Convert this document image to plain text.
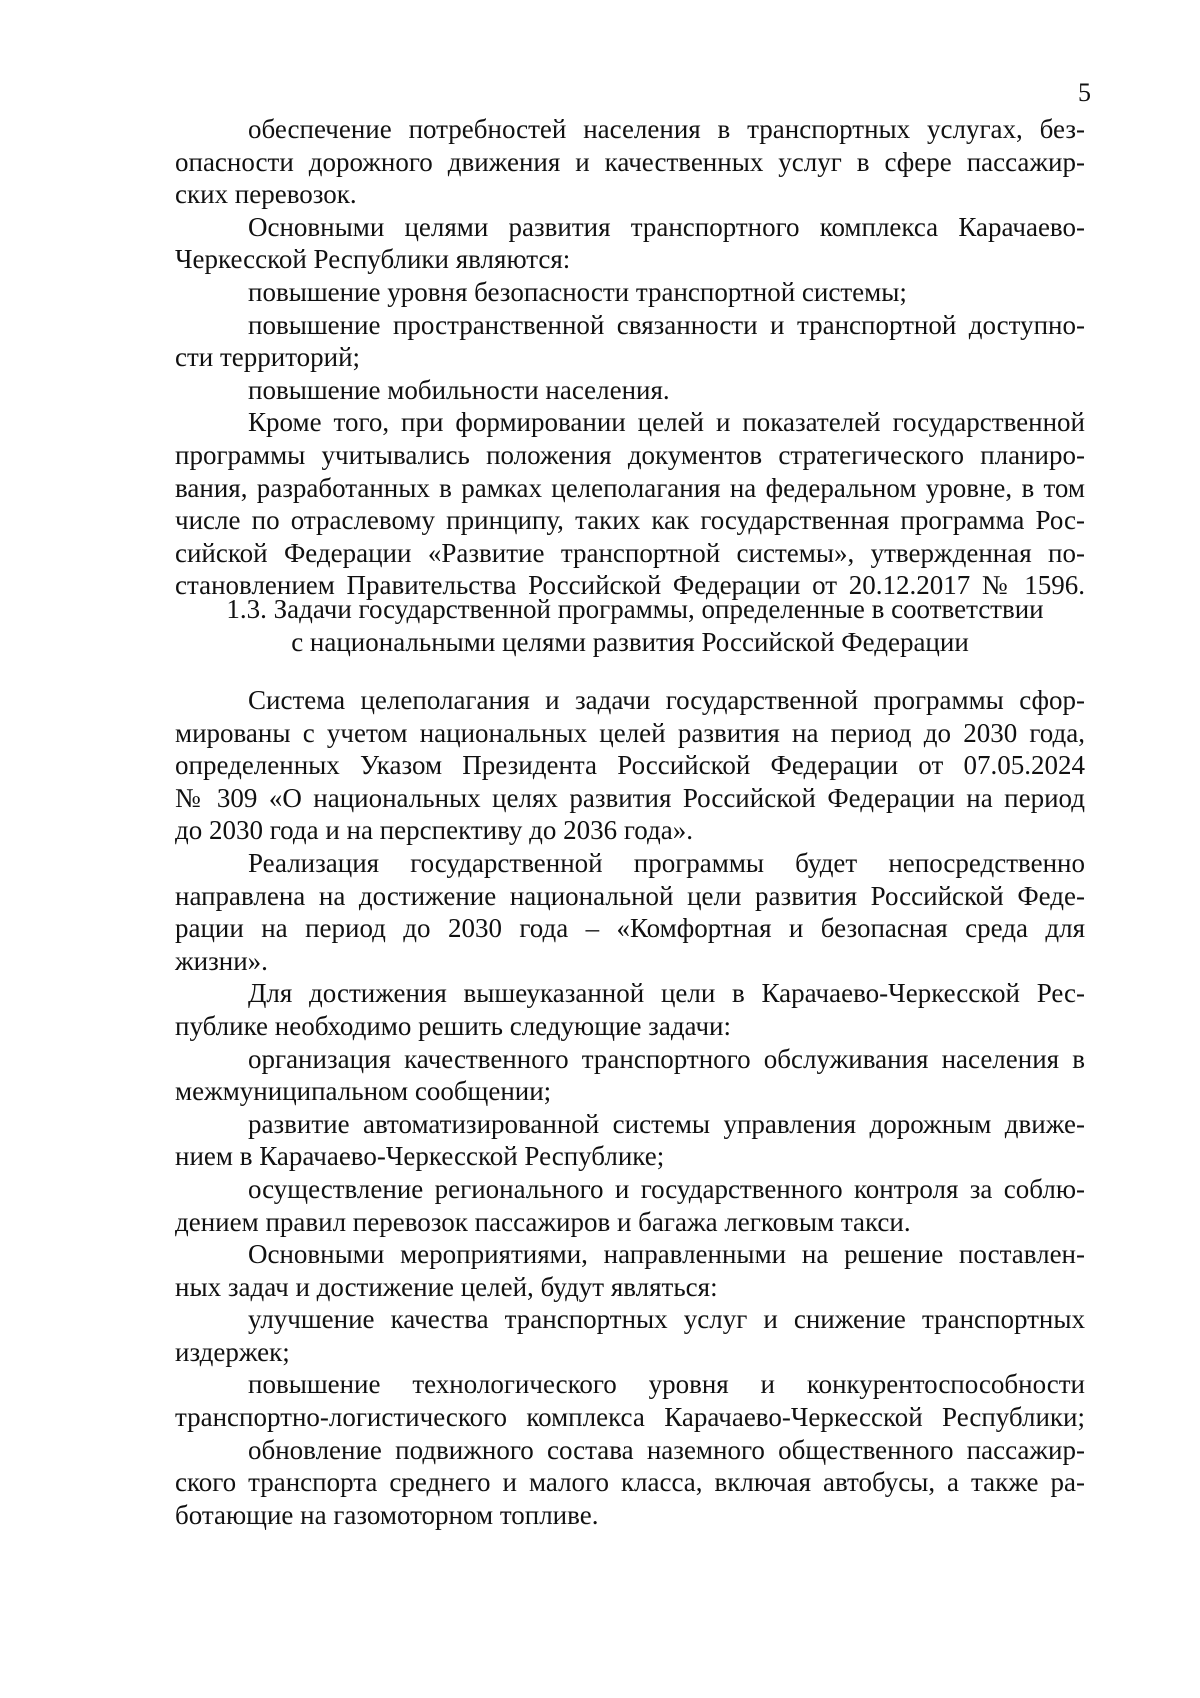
5
обеспечение потребностей населения в транспортных услугах, без-
опасности дорожного движения и качественных услуг в сфере пассажир-
ских перевозок.
Основными целями развития транспортного комплекса Карачаево-
Черкесской Республики являются:
повышение уровня безопасности транспортной системы;
повышение пространственной связанности и транспортной доступно-
сти территорий;
повышение мобильности населения.
Кроме того, при формировании целей и показателей государственной
программы учитывались положения документов стратегического планиро-
вания, разработанных в рамках целеполагания на федеральном уровне, в том
числе по отраслевому принципу, таких как государственная программа Рос-
сийской Федерации «Развитие транспортной системы», утвержденная по-
становлением Правительства Российской Федерации от 20.12.2017 № 1596.
1.3. Задачи государственной программы, определенные в соответствии
с национальными целями развития Российской Федерации
Система целеполагания и задачи государственной программы сфор-
мированы с учетом национальных целей развития на период до 2030 года,
определенных Указом Президента Российской Федерации от 07.05.2024
№ 309 «О национальных целях развития Российской Федерации на период
до 2030 года и на перспективу до 2036 года».
Реализация государственной программы будет непосредственно
направлена на достижение национальной цели развития Российской Феде-
рации на период до 2030 года – «Комфортная и безопасная среда для
жизни».
Для достижения вышеуказанной цели в Карачаево-Черкесской Рес-
публике необходимо решить следующие задачи:
организация качественного транспортного обслуживания населения в
межмуниципальном сообщении;
развитие автоматизированной системы управления дорожным движе-
нием в Карачаево-Черкесской Республике;
осуществление регионального и государственного контроля за соблю-
дением правил перевозок пассажиров и багажа легковым такси.
Основными мероприятиями, направленными на решение поставлен-
ных задач и достижение целей, будут являться:
улучшение качества транспортных услуг и снижение транспортных
издержек;
повышение технологического уровня и конкурентоспособности
транспортно-логистического комплекса Карачаево-Черкесской Республики;
обновление подвижного состава наземного общественного пассажир-
ского транспорта среднего и малого класса, включая автобусы, а также ра-
ботающие на газомоторном топливе.
